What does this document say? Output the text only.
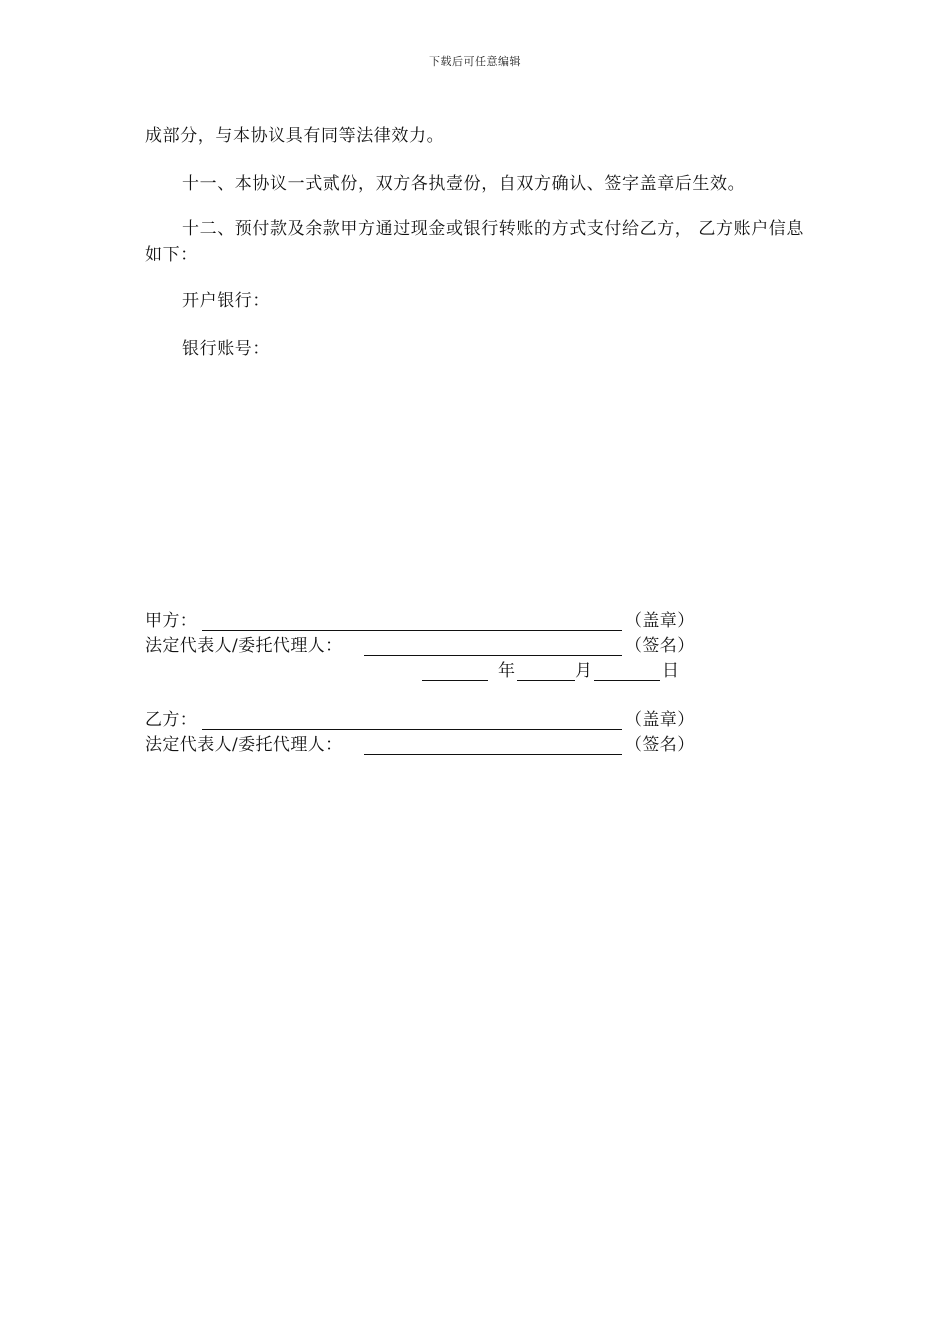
下载后可任意编辑
成部分，与本协议具有同等法律效力。
十一、本协议一式贰份，双方各执壹份，自双方确认、签字盖章后生效。
十二、预付款及余款甲方通过现金或银行转账的方式支付给乙方， 乙方账户信息如下：
开户银行：
银行账号：
甲方：	（盖章）
法定代表人/委托代理人：	（签名）
年	月	日
乙方：	（盖章）
法定代表人/委托代理人：	（签名）
